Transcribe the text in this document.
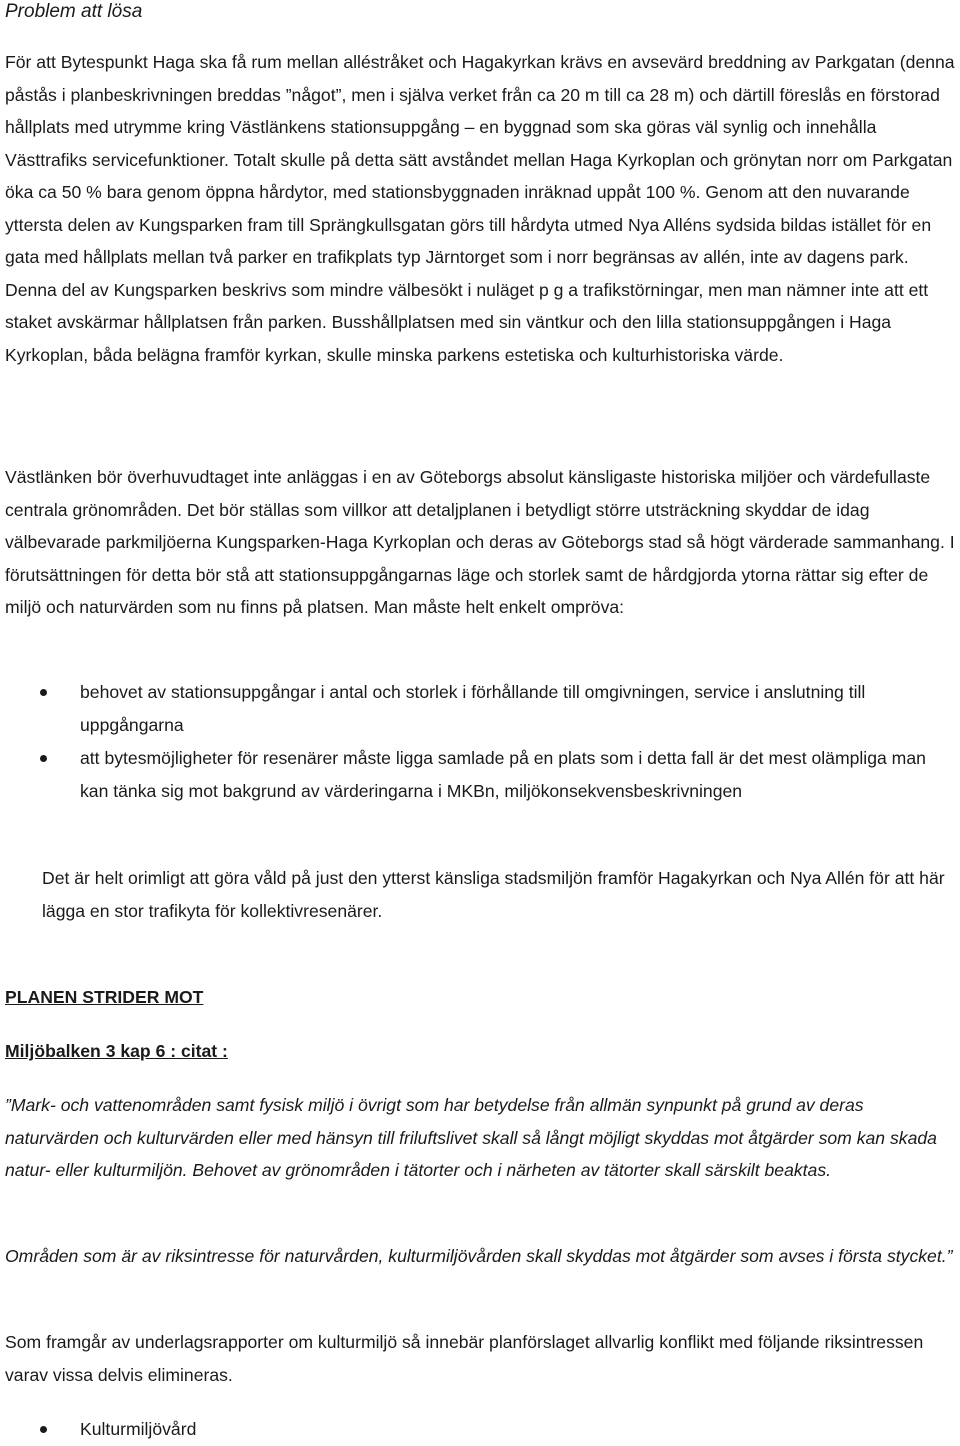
Problem att lösa

För att Bytespunkt Haga ska få rum mellan alléstråket och Hagakyrkan krävs en avsevärd breddning av Parkgatan (denna påstås i planbeskrivningen breddas ”något”, men i själva verket från ca 20 m till ca 28 m) och därtill föreslås en förstorad hållplats med utrymme kring Västlänkens stationsuppgång – en byggnad som ska göras väl synlig och innehålla Västtrafiks servicefunktioner. Totalt skulle på detta sätt avståndet mellan Haga Kyrkoplan och grönytan norr om Parkgatan öka ca 50 % bara genom öppna hårdytor, med stationsbyggnaden inräknad uppåt 100 %. Genom att den nuvarande yttersta delen av Kungsparken fram till Sprängkullsgatan görs till hårdyta utmed Nya Alléns sydsida bildas istället för en gata med hållplats mellan två parker en trafikplats typ Järntorget som i norr begränsas av allén, inte av dagens park. Denna del av Kungsparken beskrivs som mindre välbesökt i nuläget p g a trafikstörningar, men man nämner inte att ett staket avskärmar hållplatsen från parken. Busshållplatsen med sin väntkur och den lilla stationsuppgången i Haga Kyrkoplan, båda belägna framför kyrkan, skulle minska parkens estetiska och kulturhistoriska värde.

Västlänken bör överhuvudtaget inte anläggas i en av Göteborgs absolut känsligaste historiska miljöer och värdefullaste centrala grönområden. Det bör ställas som villkor att detaljplanen i betydligt större utsträckning skyddar de idag välbevarade parkmiljöerna Kungsparken-Haga Kyrkoplan och deras av Göteborgs stad så högt värderade sammanhang. I förutsättningen för detta bör stå att stationsuppgångarnas läge och storlek samt de hårdgjorda ytorna rättar sig efter de miljö och naturvärden som nu finns på platsen. Man måste helt enkelt ompröva:

behovet av stationsuppgångar i antal och storlek i förhållande till omgivningen, service i anslutning till uppgångarna
att bytesmöjligheter för resenärer måste ligga samlade på en plats som i detta fall är det mest olämpliga man kan tänka sig mot bakgrund av värderingarna i MKBn, miljökonsekvensbeskrivningen

Det är helt orimligt att göra våld på just den ytterst känsliga stadsmiljön framför Hagakyrkan och Nya Allén för att här lägga en stor trafikyta för kollektivresenärer.

PLANEN STRIDER MOT

Miljöbalken 3 kap 6 : citat :

”Mark- och vattenområden samt fysisk miljö i övrigt som har betydelse från allmän synpunkt på grund av deras naturvärden och kulturvärden eller med hänsyn till friluftslivet skall så långt möjligt skyddas mot åtgärder som kan skada natur- eller kulturmiljön. Behovet av grönområden i tätorter och i närheten av tätorter skall särskilt beaktas.

Områden som är av riksintresse för naturvården, kulturmiljövården skall skyddas mot åtgärder som avses i första stycket.”

Som framgår av underlagsrapporter om kulturmiljö så innebär planförslaget allvarlig konflikt med följande riksintressen varav vissa delvis elimineras.

Kulturmiljövård
